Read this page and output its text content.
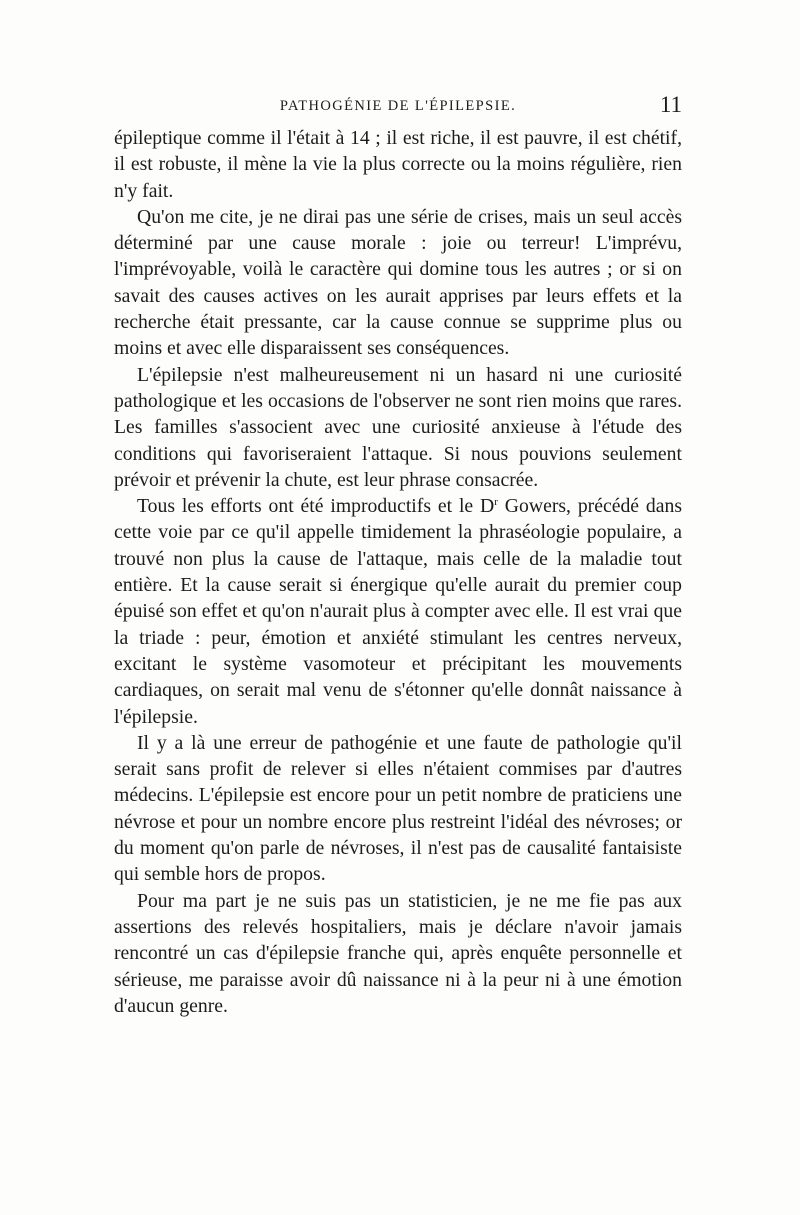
PATHOGÉNIE DE L'ÉPILEPSIE.	11

épileptique comme il l'était à 14 ; il est riche, il est pauvre, il est chétif, il est robuste, il mène la vie la plus correcte ou la moins régulière, rien n'y fait.

Qu'on me cite, je ne dirai pas une série de crises, mais un seul accès déterminé par une cause morale : joie ou terreur! L'imprévu, l'imprévoyable, voilà le caractère qui domine tous les autres ; or si on savait des causes actives on les aurait apprises par leurs effets et la recherche était pressante, car la cause connue se supprime plus ou moins et avec elle disparaissent ses conséquences.

L'épilepsie n'est malheureusement ni un hasard ni une curiosité pathologique et les occasions de l'observer ne sont rien moins que rares. Les familles s'associent avec une curiosité anxieuse à l'étude des conditions qui favoriseraient l'attaque. Si nous pouvions seulement prévoir et prévenir la chute, est leur phrase consacrée.

Tous les efforts ont été improductifs et le $D^r$ Gowers, précédé dans cette voie par ce qu'il appelle timidement la phraséologie populaire, a trouvé non plus la cause de l'attaque, mais celle de la maladie tout entière. Et la cause serait si énergique qu'elle aurait du premier coup épuisé son effet et qu'on n'aurait plus à compter avec elle. Il est vrai que la triade : peur, émotion et anxiété stimulant les centres nerveux, excitant le système vasomoteur et précipitant les mouvements cardiaques, on serait mal venu de s'étonner qu'elle donnât naissance à l'épilepsie.

Il y a là une erreur de pathogénie et une faute de pathologie qu'il serait sans profit de relever si elles n'étaient commises par d'autres médecins. L'épilepsie est encore pour un petit nombre de praticiens une névrose et pour un nombre encore plus restreint l'idéal des névroses; or du moment qu'on parle de névroses, il n'est pas de causalité fantaisiste qui semble hors de propos.

Pour ma part je ne suis pas un statisticien, je ne me fie pas aux assertions des relevés hospitaliers, mais je déclare n'avoir jamais rencontré un cas d'épilepsie franche qui, après enquête personnelle et sérieuse, me paraisse avoir dû naissance ni à la peur ni à une émotion d'aucun genre.
